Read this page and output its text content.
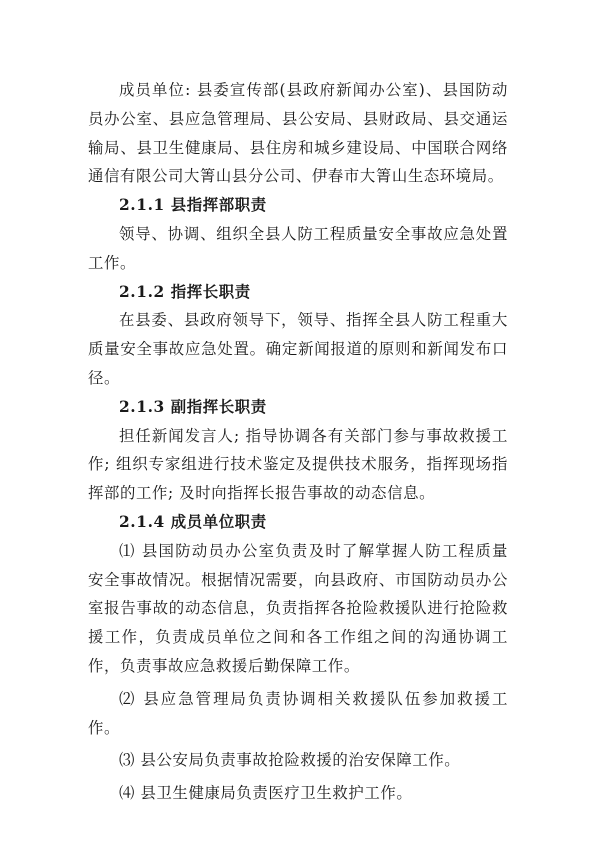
成员单位: 县委宣传部(县政府新闻办公室)、县国防动员办公室、县应急管理局、县公安局、县财政局、县交通运输局、县卫生健康局、县住房和城乡建设局、中国联合网络通信有限公司大箐山县分公司、伊春市大箐山生态环境局。

2.1.1 县指挥部职责

领导、协调、组织全县人防工程质量安全事故应急处置工作。

2.1.2 指挥长职责

在县委、县政府领导下，领导、指挥全县人防工程重大质量安全事故应急处置。确定新闻报道的原则和新闻发布口径。

2.1.3 副指挥长职责

担任新闻发言人; 指导协调各有关部门参与事故救援工作; 组织专家组进行技术鉴定及提供技术服务，指挥现场指挥部的工作; 及时向指挥长报告事故的动态信息。

2.1.4 成员单位职责

⑴ 县国防动员办公室负责及时了解掌握人防工程质量安全事故情况。根据情况需要，向县政府、市国防动员办公室报告事故的动态信息，负责指挥各抢险救援队进行抢险救援工作，负责成员单位之间和各工作组之间的沟通协调工作，负责事故应急救援后勤保障工作。

⑵ 县应急管理局负责协调相关救援队伍参加救援工作。

⑶ 县公安局负责事故抢险救援的治安保障工作。

⑷ 县卫生健康局负责医疗卫生救护工作。
